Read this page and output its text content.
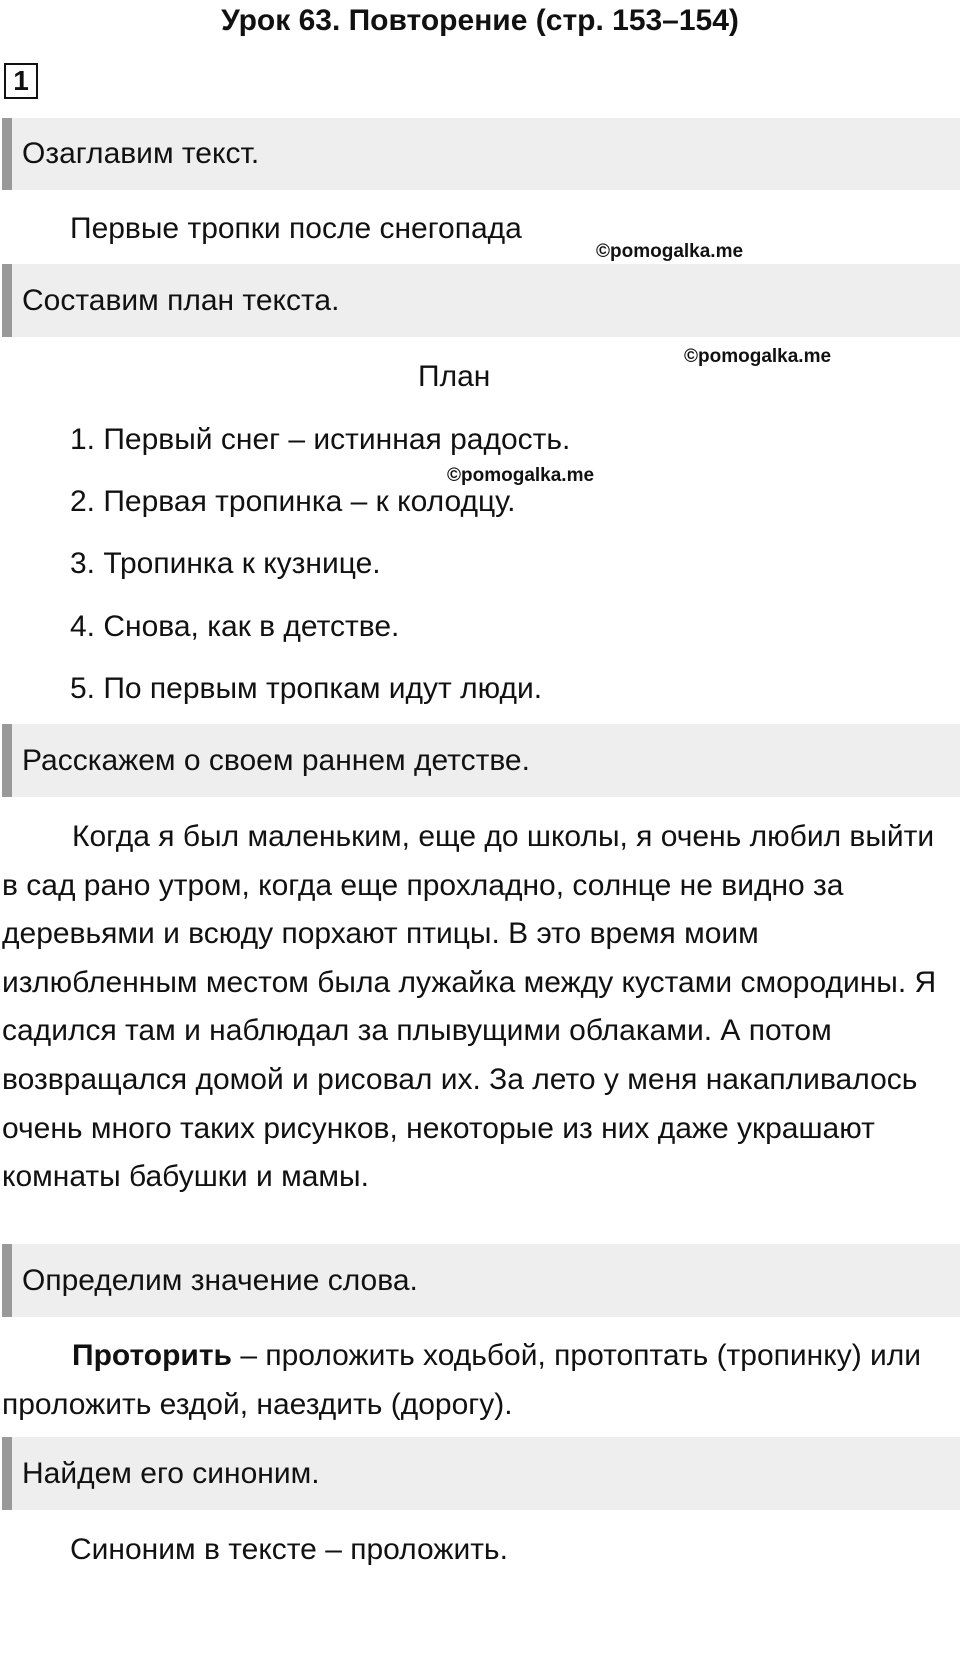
Урок 63. Повторение (стр. 153–154)
1
Озаглавим текст.
Первые тропки после снегопада
©pomogalka.me
Составим план текста.
©pomogalka.me
План
1. Первый снег – истинная радость.
©pomogalka.me
2. Первая тропинка – к колодцу.
3. Тропинка к кузнице.
4. Снова, как в детстве.
5. По первым тропкам идут люди.
Расскажем о своем раннем детстве.

Когда я был маленьким, еще до школы, я очень любил выйти в сад рано утром, когда еще прохладно, солнце не видно за деревьями и всюду порхают птицы. В это время моим излюбленным местом была лужайка между кустами смородины. Я садился там и наблюдал за плывущими облаками. А потом возвращался домой и рисовал их. За лето у меня накапливалось очень много таких рисунков, некоторые из них даже украшают комнаты бабушки и мамы.

Определим значение слова.

Проторить – проложить ходьбой, протоптать (тропинку) или проложить ездой, наездить (дорогу).

Найдем его синоним.
Синоним в тексте – проложить.
